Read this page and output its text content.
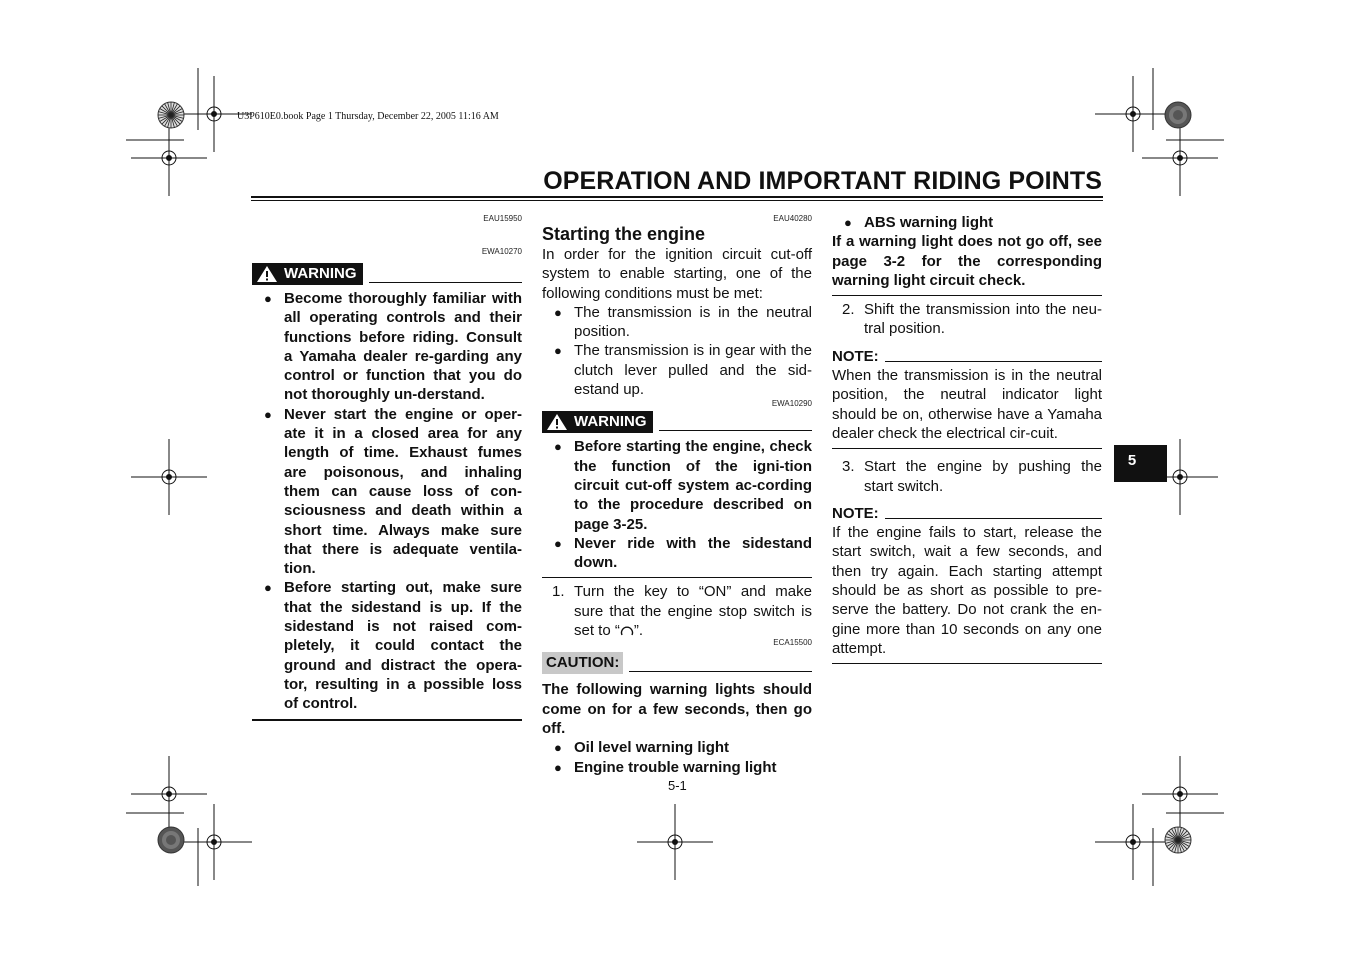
U3P610E0.book Page 1 Thursday, December 22, 2005 11:16 AM
OPERATION AND IMPORTANT RIDING POINTS
EAU15950
EWA10270
WARNING
● Become thoroughly familiar with all operating controls and their functions before riding. Consult a Yamaha dealer re-garding any control or function that you do not thoroughly un-derstand.
● Never start the engine or oper-ate it in a closed area for any length of time. Exhaust fumes are poisonous, and inhaling them can cause loss of con-sciousness and death within a short time. Always make sure that there is adequate ventila-tion.
● Before starting out, make sure that the sidestand is up. If the sidestand is not raised com-pletely, it could contact the ground and distract the opera-tor, resulting in a possible loss of control.
EAU40280
Starting the engine
In order for the ignition circuit cut-off system to enable starting, one of the following conditions must be met:
● The transmission is in the neutral position.
● The transmission is in gear with the clutch lever pulled and the sid-estand up.
EWA10290
WARNING
● Before starting the engine, check the function of the igni-tion circuit cut-off system ac-cording to the procedure described on page 3-25.
● Never ride with the sidestand down.
1. Turn the key to “ON” and make sure that the engine stop switch is set to “ ”.
ECA15500
CAUTION:
The following warning lights should come on for a few seconds, then go off.
● Oil level warning light
● Engine trouble warning light
● ABS warning light
If a warning light does not go off, see page 3-2 for the corresponding warning light circuit check.
2. Shift the transmission into the neu-tral position.
NOTE:
When the transmission is in the neutral position, the neutral indicator light should be on, otherwise have a Yamaha dealer check the electrical cir-cuit.
3. Start the engine by pushing the start switch.
NOTE:
If the engine fails to start, release the start switch, wait a few seconds, and then try again. Each starting attempt should be as short as possible to pre-serve the battery. Do not crank the en-gine more than 10 seconds on any one attempt.
5
5-1
